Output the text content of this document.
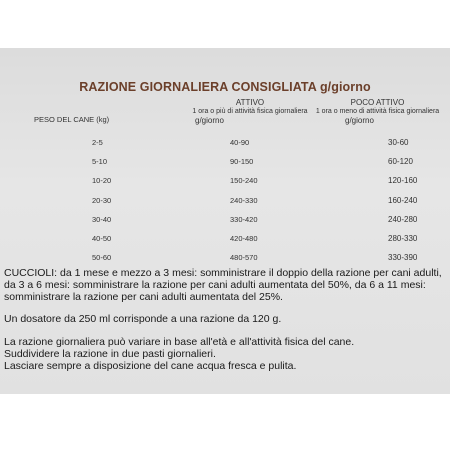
RAZIONE GIORNALIERA CONSIGLIATA g/giorno
ATTIVO
1 ora o più di attività fisica giornaliera
g/giorno
POCO ATTIVO
1 ora o meno di attività fisica giornaliera
g/giorno
PESO DEL CANE (kg)
2-5	40-90	30-60
5-10	90-150	60-120
10-20	150-240	120-160
20-30	240-330	160-240
30-40	330-420	240-280
40-50	420-480	280-330
50-60	480-570	330-390

CUCCIOLI: da 1 mese e mezzo a 3 mesi: somministrare il doppio della razione per cani adulti, da 3 a 6 mesi: somministrare la razione per cani adulti aumentata del 50%, da 6 a 11 mesi: somministrare la razione per cani adulti aumentata del 25%.

Un dosatore da 250 ml corrisponde a una razione da 120 g.

La razione giornaliera può variare in base all'età e all'attività fisica del cane.

Suddividere la razione in due pasti giornalieri.

Lasciare sempre a disposizione del cane acqua fresca e pulita.
